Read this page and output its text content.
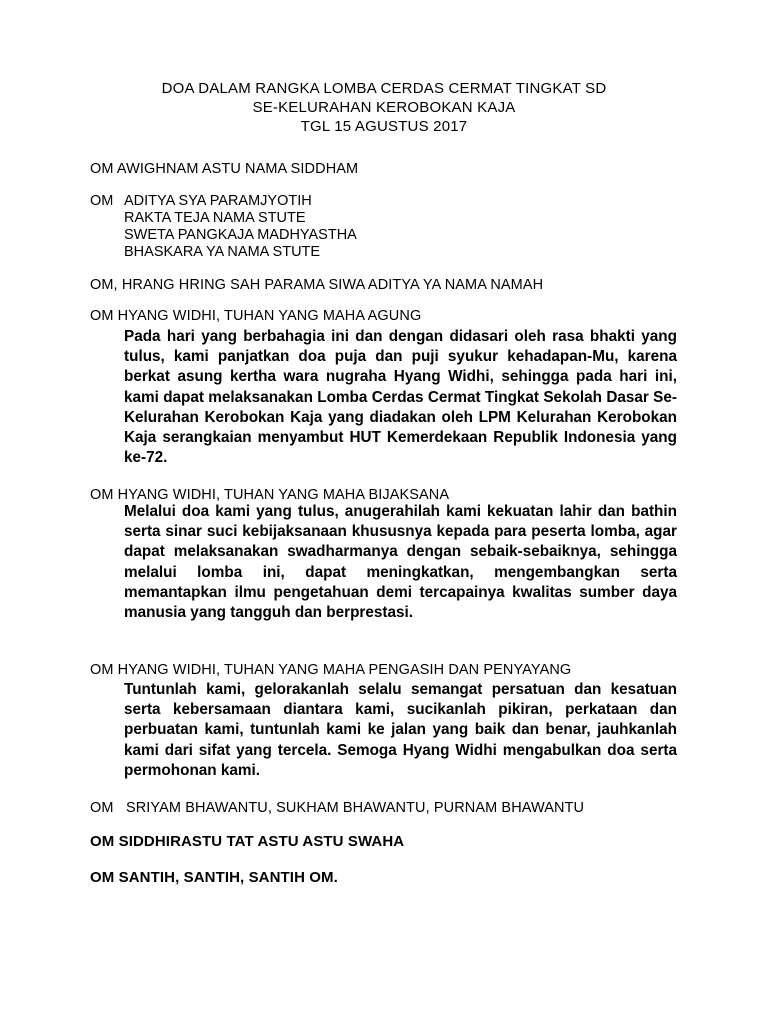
DOA DALAM RANGKA LOMBA CERDAS CERMAT TINGKAT SD
SE-KELURAHAN KEROBOKAN KAJA
TGL 15 AGUSTUS 2017
OM AWIGHNAM ASTU NAMA SIDDHAM
OM ADITYA SYA PARAMJYOTIH
RAKTA TEJA NAMA STUTE
SWETA PANGKAJA MADHYASTHA
BHASKARA YA NAMA STUTE
OM, HRANG HRING SAH PARAMA SIWA ADITYA YA NAMA NAMAH
OM HYANG WIDHI, TUHAN YANG MAHA AGUNG

Pada hari yang berbahagia ini dan dengan didasari oleh rasa bhakti yang tulus, kami panjatkan doa puja dan puji syukur kehadapan-Mu, karena berkat asung kertha wara nugraha Hyang Widhi, sehingga pada hari ini, kami dapat melaksanakan Lomba Cerdas Cermat Tingkat Sekolah Dasar Se-Kelurahan Kerobokan Kaja yang diadakan oleh LPM Kelurahan Kerobokan Kaja serangkaian menyambut HUT Kemerdekaan Republik Indonesia yang ke-72.

OM HYANG WIDHI, TUHAN YANG MAHA BIJAKSANA

Melalui doa kami yang tulus, anugerahilah kami kekuatan lahir dan bathin serta sinar suci kebijaksanaan khususnya kepada para peserta lomba, agar dapat melaksanakan swadharmanya dengan sebaik-sebaiknya, sehingga melalui lomba ini, dapat meningkatkan, mengembangkan serta memantapkan ilmu pengetahuan demi tercapainya kwalitas sumber daya manusia yang tangguh dan berprestasi.

OM HYANG WIDHI, TUHAN YANG MAHA PENGASIH DAN PENYAYANG

Tuntunlah kami, gelorakanlah selalu semangat persatuan dan kesatuan serta kebersamaan diantara kami, sucikanlah pikiran, perkataan dan perbuatan kami, tuntunlah kami ke jalan yang baik dan benar, jauhkanlah kami dari sifat yang tercela. Semoga Hyang Widhi mengabulkan doa serta permohonan kami.

OM   SRIYAM BHAWANTU, SUKHAM BHAWANTU, PURNAM BHAWANTU
OM SIDDHIRASTU TAT ASTU ASTU SWAHA
OM SANTIH, SANTIH, SANTIH OM.
